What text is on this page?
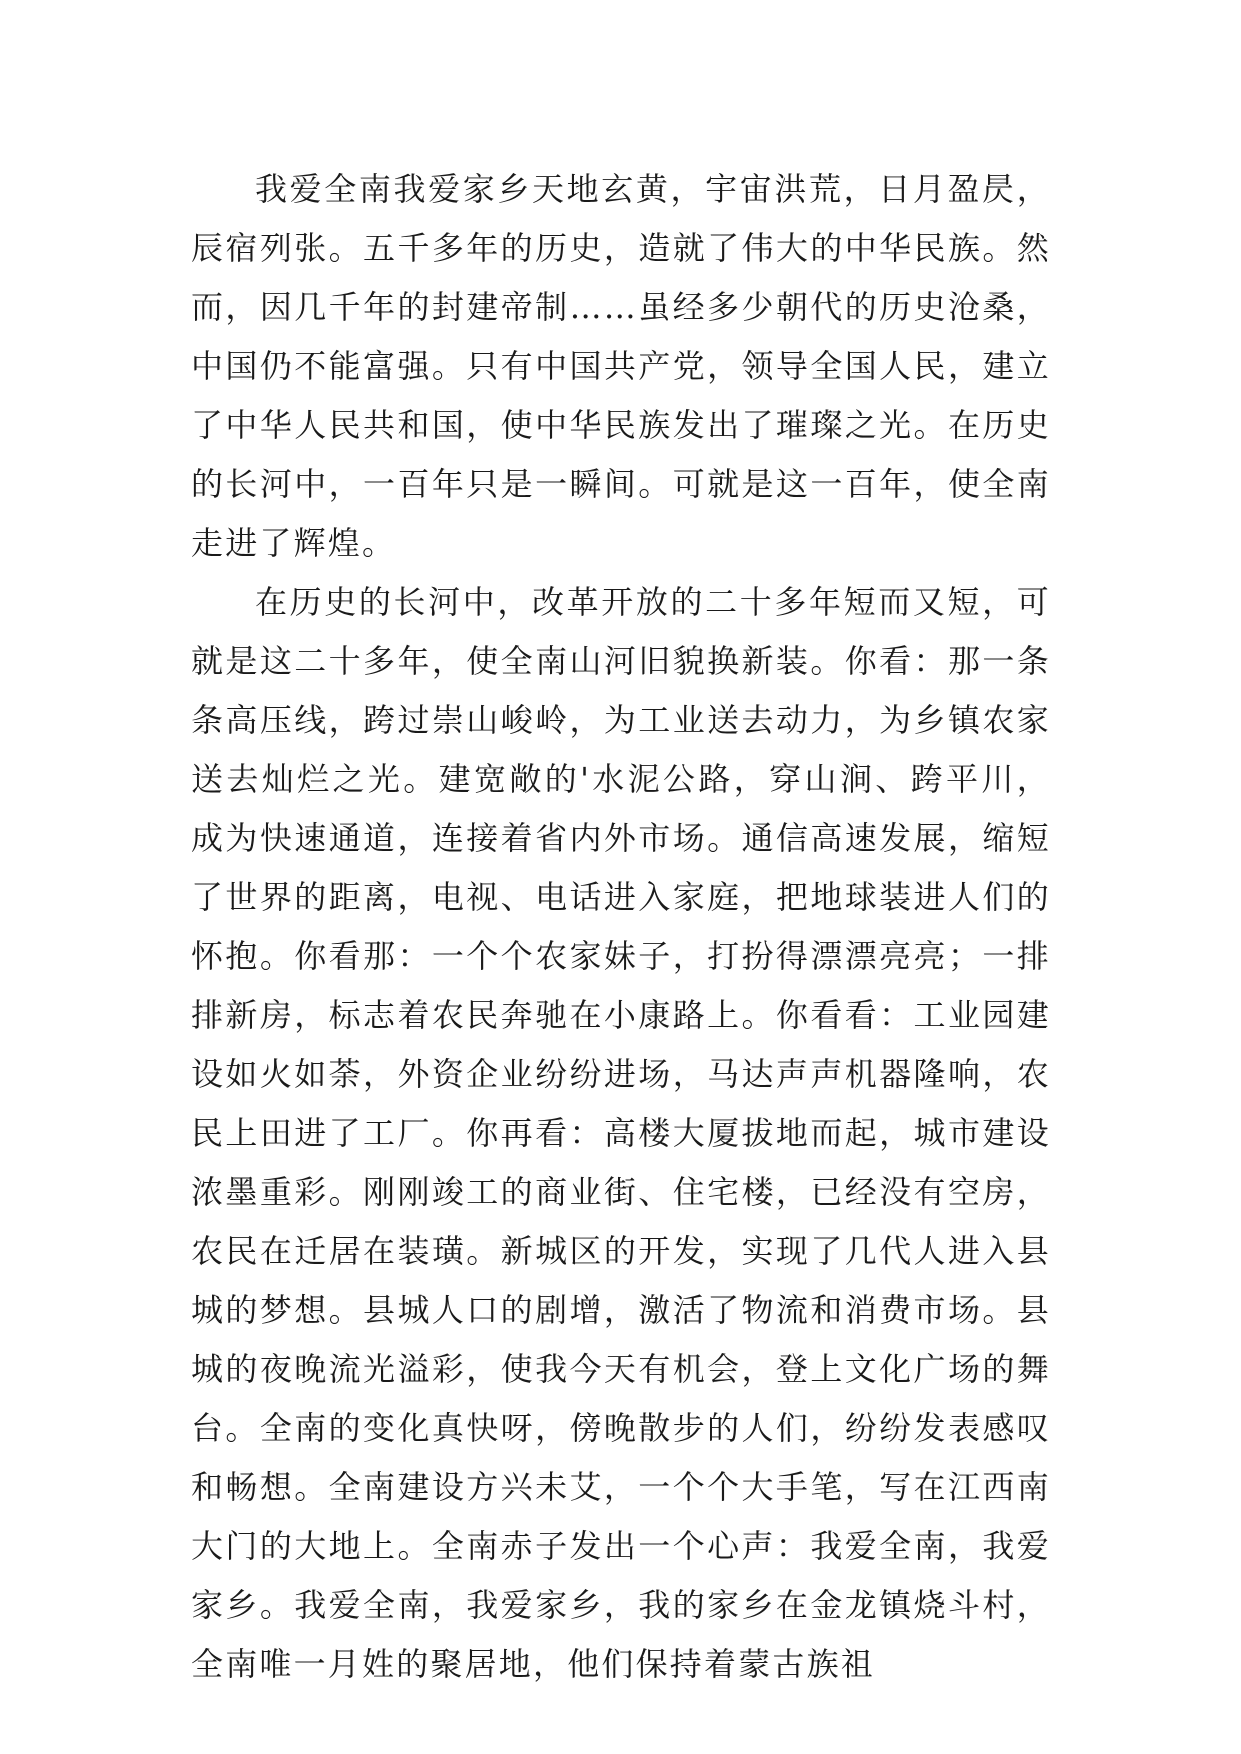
我爱全南我爱家乡天地玄黄，宇宙洪荒，日月盈昃，辰宿列张。五千多年的历史，造就了伟大的中华民族。然而，因几千年的封建帝制……虽经多少朝代的历史沧桑，中国仍不能富强。只有中国共产党，领导全国人民，建立了中华人民共和国，使中华民族发出了璀璨之光。在历史的长河中，一百年只是一瞬间。可就是这一百年，使全南走进了辉煌。

在历史的长河中，改革开放的二十多年短而又短，可就是这二十多年，使全南山河旧貌换新装。你看：那一条条高压线，跨过崇山峻岭，为工业送去动力，为乡镇农家送去灿烂之光。建宽敞的'水泥公路，穿山涧、跨平川，成为快速通道，连接着省内外市场。通信高速发展，缩短了世界的距离，电视、电话进入家庭，把地球装进人们的怀抱。你看那：一个个农家妹子，打扮得漂漂亮亮；一排排新房，标志着农民奔驰在小康路上。你看看：工业园建设如火如荼，外资企业纷纷进场，马达声声机器隆响，农民上田进了工厂。你再看：高楼大厦拔地而起，城市建设浓墨重彩。刚刚竣工的商业街、住宅楼，已经没有空房，农民在迁居在装璜。新城区的开发，实现了几代人进入县城的梦想。县城人口的剧增，激活了物流和消费市场。县城的夜晚流光溢彩，使我今天有机会，登上文化广场的舞台。全南的变化真快呀，傍晚散步的人们，纷纷发表感叹和畅想。全南建设方兴未艾，一个个大手笔，写在江西南大门的大地上。全南赤子发出一个心声：我爱全南，我爱家乡。我爱全南，我爱家乡，我的家乡在金龙镇烧斗村，全南唯一月姓的聚居地，他们保持着蒙古族祖
